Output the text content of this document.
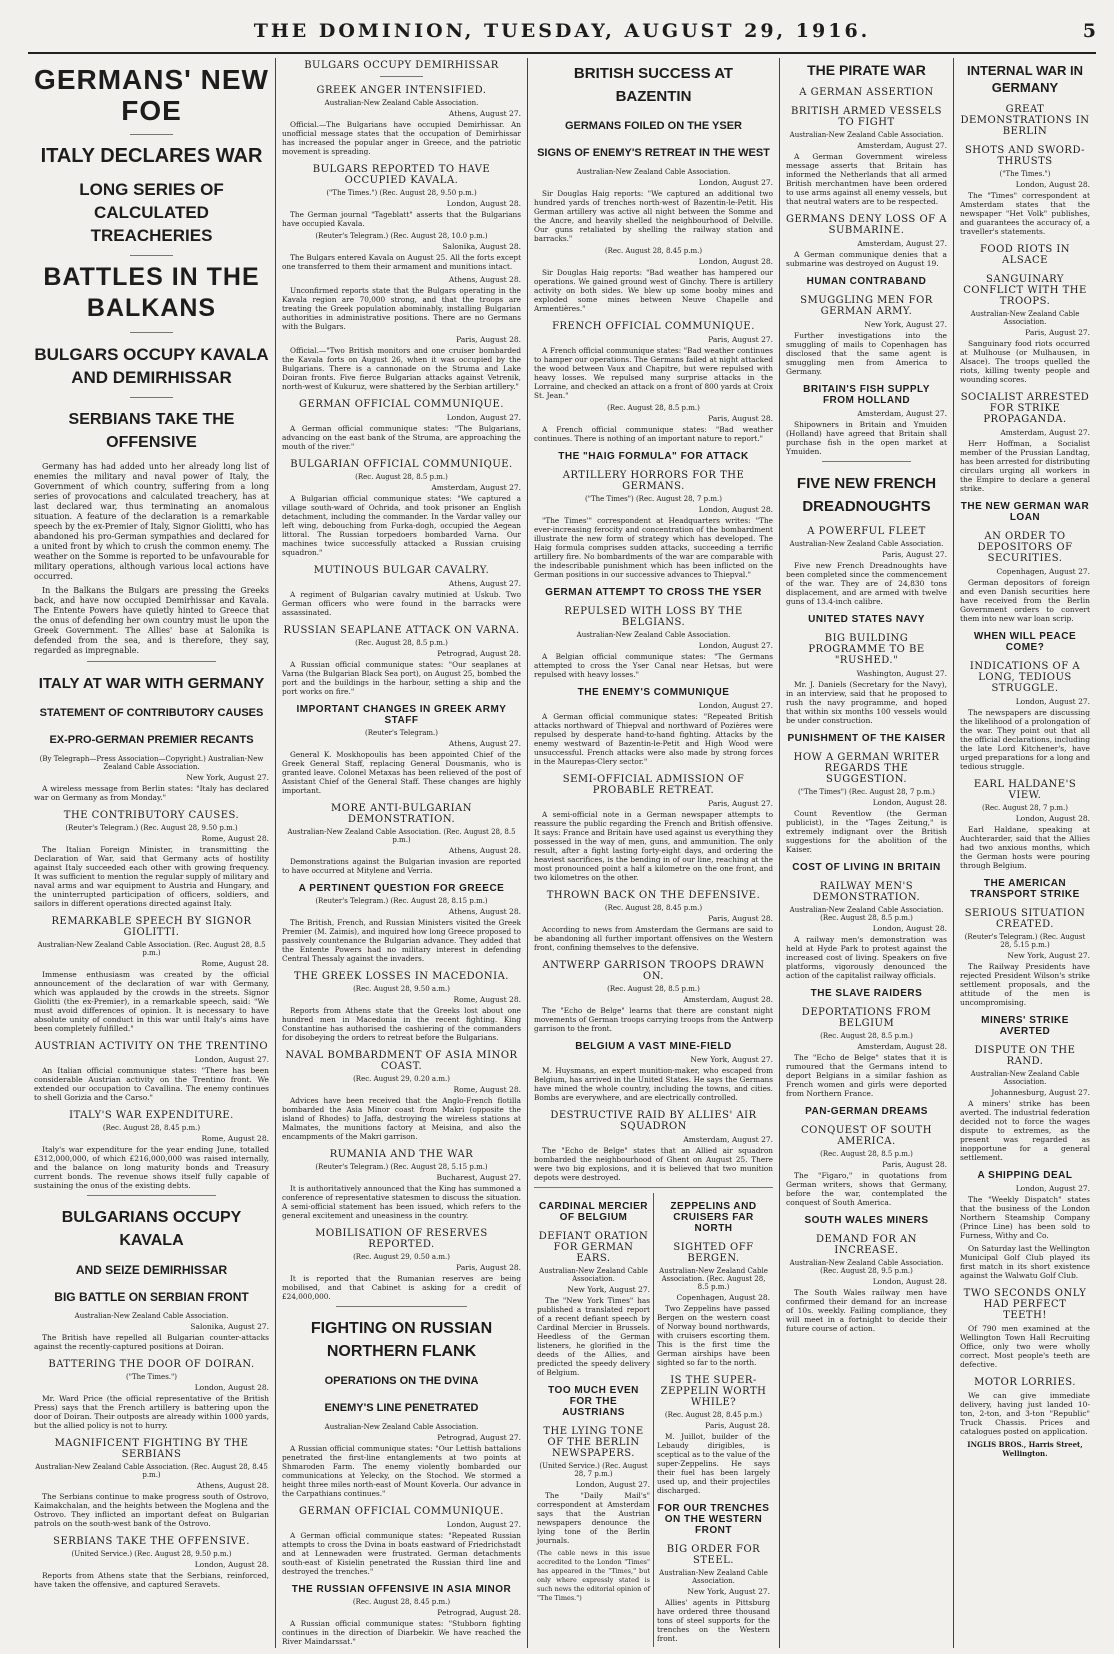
THE DOMINION, TUESDAY, AUGUST 29, 1916.	5
GERMANS' NEW FOE
ITALY DECLARES WAR
LONG SERIES OF CALCULATED TREACHERIES
BATTLES IN THE BALKANS
BULGARS OCCUPY KAVALA AND DEMIRHISSAR
SERBIANS TAKE THE OFFENSIVE

Germany has had added unto her already long list of enemies the military and naval power of Italy, the Government of which country, suffering from a long series of provocations and calculated treachery, has at last declared war, thus terminating an anomalous situation. A feature of the declaration is a remarkable speech by the ex-Premier of Italy, Signor Giolitti, who has abandoned his pro-German sympathies and declared for a united front by which to crush the common enemy. The weather on the Somme is reported to be unfavourable for military operations, although various local actions have occurred.

In the Balkans the Bulgars are pressing the Greeks back, and have now occupied Demirhissar and Kavala. The Entente Powers have quietly hinted to Greece that the onus of defending her own country must lie upon the Greek Government. The Allies' base at Salonika is defended from the sea, and is therefore, they say, regarded as impregnable.

ITALY AT WAR WITH GERMANY
STATEMENT OF CONTRIBUTORY CAUSES
EX-PRO-GERMAN PREMIER RECANTS
(By Telegraph—Press Association—Copyright.) Australian-New Zealand Cable Association.
New York, August 27.

A wireless message from Berlin states: "Italy has declared war on Germany as from Monday."

THE CONTRIBUTORY CAUSES.
(Reuter's Telegram.) (Rec. August 28, 9.50 p.m.)
Rome, August 28.

The Italian Foreign Minister, in transmitting the Declaration of War, said that Germany acts of hostility against Italy succeeded each other with growing frequency. It was sufficient to mention the regular supply of military and naval arms and war equipment to Austria and Hungary, and the uninterrupted participation of officers, soldiers, and sailors in different operations directed against Italy.

REMARKABLE SPEECH BY SIGNOR GIOLITTI.
Australian-New Zealand Cable Association. (Rec. August 28, 8.5 p.m.)
Rome, August 28.

Immense enthusiasm was created by the official announcement of the declaration of war with Germany, which was applauded by the crowds in the streets. Signor Giolitti (the ex-Premier), in a remarkable speech, said: "We must avoid differences of opinion. It is necessary to have absolute unity of conduct in this war until Italy's aims have been completely fulfilled."

AUSTRIAN ACTIVITY ON THE TRENTINO
London, August 27.

An Italian official communique states: "There has been considerable Austrian activity on the Trentino front. We extended our occupation to Cavallina. The enemy continues to shell Gorizia and the Carso."

ITALY'S WAR EXPENDITURE.
(Rec. August 28, 8.45 p.m.)
Rome, August 28.

Italy's war expenditure for the year ending June, totalled £312,000,000, of which £216,000,000 was raised internally, and the balance on long maturity bonds and Treasury current bonds. The revenue shows itself fully capable of sustaining the onus of the existing debts.

BULGARIANS OCCUPY KAVALA
AND SEIZE DEMIRHISSAR
BIG BATTLE ON SERBIAN FRONT
Australian-New Zealand Cable Association.
Salonika, August 27.

The British have repelled all Bulgarian counter-attacks against the recently-captured positions at Doiran.

BATTERING THE DOOR OF DOIRAN.
("The Times.")
London, August 28.

Mr. Ward Price (the official representative of the British Press) says that the French artillery is battering upon the door of Doiran. Their outposts are already within 1000 yards, but the allied policy is not to hurry.

MAGNIFICENT FIGHTING BY THE SERBIANS
Australian-New Zealand Cable Association. (Rec. August 28, 8.45 p.m.)
Athens, August 28.

The Serbians continue to make progress south of Ostrovo, Kaimakchalan, and the heights between the Moglena and the Ostrovo. They inflicted an important defeat on Bulgarian patrols on the south-west bank of the Ostrovo.

SERBIANS TAKE THE OFFENSIVE.
(United Service.) (Rec. August 28, 9.50 p.m.)
London, August 28.

Reports from Athens state that the Serbians, reinforced, have taken the offensive, and captured Seravets.

BULGARS OCCUPY DEMIRHISSAR
GREEK ANGER INTENSIFIED.
Australian-New Zealand Cable Association.
Athens, August 27.

Official.—The Bulgarians have occupied Demirhissar. An unofficial message states that the occupation of Demirhissar has increased the popular anger in Greece, and the patriotic movement is spreading.

BULGARS REPORTED TO HAVE OCCUPIED KAVALA.
("The Times.") (Rec. August 28, 9.50 p.m.)
London, August 28.

The German journal "Tageblatt" asserts that the Bulgarians have occupied Kavala.

(Reuter's Telegram.) (Rec. August 28, 10.0 p.m.)
Salonika, August 28.

The Bulgars entered Kavala on August 25. All the forts except one transferred to them their armament and munitions intact.

Athens, August 28.

Unconfirmed reports state that the Bulgars operating in the Kavala region are 70,000 strong, and that the troops are treating the Greek population abominably, installing Bulgarian authorities in administrative positions. There are no Germans with the Bulgars.

Paris, August 28.

Official.—"Two British monitors and one cruiser bombarded the Kavala forts on August 26, when it was occupied by the Bulgarians. There is a cannonade on the Struma and Lake Doiran fronts. Five fierce Bulgarian attacks against Vetrenik, north-west of Kukuruz, were shattered by the Serbian artillery."

GERMAN OFFICIAL COMMUNIQUE.
London, August 27.

A German official communique states: "The Bulgarians, advancing on the east bank of the Struma, are approaching the mouth of the river."

BULGARIAN OFFICIAL COMMUNIQUE.
(Rec. August 28, 8.5 p.m.)
Amsterdam, August 27.

A Bulgarian official communique states: "We captured a village south-ward of Ochrida, and took prisoner an English detachment, including the commander. In the Vardar valley our left wing, debouching from Furka-dogh, occupied the Aegean littoral. The Russian torpedoers bombarded Varna. Our machines twice successfully attacked a Russian cruising squadron."

MUTINOUS BULGAR CAVALRY.
Athens, August 27.

A regiment of Bulgarian cavalry mutinied at Uskub. Two German officers who were found in the barracks were assassinated.

RUSSIAN SEAPLANE ATTACK ON VARNA.
(Rec. August 28, 8.5 p.m.)
Petrograd, August 28.

A Russian official communique states: "Our seaplanes at Varna (the Bulgarian Black Sea port), on August 25, bombed the port and the buildings in the harbour, setting a ship and the port works on fire."

IMPORTANT CHANGES IN GREEK ARMY STAFF
(Reuter's Telegram.)
Athens, August 27.

General K. Moskhopoulis has been appointed Chief of the Greek General Staff, replacing General Dousmanis, who is granted leave. Colonel Metaxas has been relieved of the post of Assistant Chief of the General Staff. These changes are highly important.

MORE ANTI-BULGARIAN DEMONSTRATION.
Australian-New Zealand Cable Association. (Rec. August 28, 8.5 p.m.)
Athens, August 28.

Demonstrations against the Bulgarian invasion are reported to have occurred at Mitylene and Verria.

A PERTINENT QUESTION FOR GREECE
(Reuter's Telegram.) (Rec. August 28, 8.15 p.m.)
Athens, August 28.

The British, French, and Russian Ministers visited the Greek Premier (M. Zaimis), and inquired how long Greece proposed to passively countenance the Bulgarian advance. They added that the Entente Powers had no military interest in defending Central Thessaly against the invaders.

THE GREEK LOSSES IN MACEDONIA.
(Rec. August 28, 9.50 a.m.)
Rome, August 28.

Reports from Athens state that the Greeks lost about one hundred men in Macedonia in the recent fighting. King Constantine has authorised the cashiering of the commanders for disobeying the orders to retreat before the Bulgarians.

NAVAL BOMBARDMENT OF ASIA MINOR COAST.
(Rec. August 29, 0.20 a.m.)
Rome, August 28.

Advices have been received that the Anglo-French flotilla bombarded the Asia Minor coast from Makri (opposite the island of Rhodes) to Jaffa, destroying the wireless stations at Malmates, the munitions factory at Meisina, and also the encampments of the Makri garrison.

RUMANIA AND THE WAR
(Reuter's Telegram.) (Rec. August 28, 5.15 p.m.)
Bucharest, August 27.

It is authoritatively announced that the King has summoned a conference of representative statesmen to discuss the situation. A semi-official statement has been issued, which refers to the general excitement and uneasiness in the country.

MOBILISATION OF RESERVES REPORTED.
(Rec. August 29, 0.50 a.m.)
Paris, August 28.

It is reported that the Rumanian reserves are being mobilised, and that Cabinet is asking for a credit of £24,000,000.

FIGHTING ON RUSSIAN NORTHERN FLANK
OPERATIONS ON THE DVINA
ENEMY'S LINE PENETRATED
Australian-New Zealand Cable Association.
Petrograd, August 27.

A Russian official communique states: "Our Lettish battalions penetrated the first-line entanglements at two points at Shmaroden Farm. The enemy violently bombarded our communications at Yelecky, on the Stochod. We stormed a height three miles north-east of Mount Koverla. Our advance in the Carpathians continues."

GERMAN OFFICIAL COMMUNIQUE.
London, August 27.

A German official communique states: "Repeated Russian attempts to cross the Dvina in boats eastward of Friedrichstadt and at Lennewaden were frustrated. German detachments south-east of Kisielin penetrated the Russian third line and destroyed the trenches."

THE RUSSIAN OFFENSIVE IN ASIA MINOR
(Rec. August 28, 8.45 p.m.)
Petrograd, August 28.

A Russian official communique states: "Stubborn fighting continues in the direction of Diarbekir. We have reached the River Maindarssat."

BRITISH SUCCESS AT BAZENTIN
GERMANS FOILED ON THE YSER
SIGNS OF ENEMY'S RETREAT IN THE WEST
Australian-New Zealand Cable Association.
London, August 27.

Sir Douglas Haig reports: "We captured an additional two hundred yards of trenches north-west of Bazentin-le-Petit. His German artillery was active all night between the Somme and the Ancre, and heavily shelled the neighbourhood of Delville. Our guns retaliated by shelling the railway station and barracks."

(Rec. August 28, 8.45 p.m.)
London, August 28.

Sir Douglas Haig reports: "Bad weather has hampered our operations. We gained ground west of Ginchy. There is artillery activity on both sides. We blew up some booby mines and exploded some mines between Neuve Chapelle and Armentières."

FRENCH OFFICIAL COMMUNIQUE.
Paris, August 27.

A French official communique states: "Bad weather continues to hamper our operations. The Germans failed at night attacked the wood between Vaux and Chapitre, but were repulsed with heavy losses. We repulsed many surprise attacks in the Lorraine, and checked an attack on a front of 800 yards at Croix St. Jean."

(Rec. August 28, 8.5 p.m.)
Paris, August 28.

A French official communique states: "Bad weather continues. There is nothing of an important nature to report."

THE "HAIG FORMULA" FOR ATTACK
ARTILLERY HORRORS FOR THE GERMANS.
("The Times") (Rec. August 28, 7 p.m.)
London, August 28.

"The Times'" correspondent at Headquarters writes: "The ever-increasing ferocity and concentration of the bombardment illustrate the new form of strategy which has developed. The Haig formula comprises sudden attacks, succeeding a terrific artillery fire. No bombardments of the war are comparable with the indescribable punishment which has been inflicted on the German positions in our successive advances to Thiepval."

GERMAN ATTEMPT TO CROSS THE YSER
REPULSED WITH LOSS BY THE BELGIANS.
Australian-New Zealand Cable Association.
London, August 27.

A Belgian official communique states: "The Germans attempted to cross the Yser Canal near Hetsas, but were repulsed with heavy losses."

THE ENEMY'S COMMUNIQUE
London, August 27.

A German official communique states: "Repeated British attacks northward of Thiepval and northward of Pozières were repulsed by desperate hand-to-hand fighting. Attacks by the enemy westward of Bazentin-le-Petit and High Wood were unsuccessful. French attacks were also made by strong forces in the Maurepas-Clery sector."

SEMI-OFFICIAL ADMISSION OF PROBABLE RETREAT.
Paris, August 27.

A semi-official note in a German newspaper attempts to reassure the public regarding the French and British offensive. It says: France and Britain have used against us everything they possessed in the way of men, guns, and ammunition. The only result, after a fight lasting forty-eight days, and ordering the heaviest sacrifices, is the bending in of our line, reaching at the most pronounced point a half a kilometre on the one front, and two kilometres on the other.

THROWN BACK ON THE DEFENSIVE.
(Rec. August 28, 8.45 p.m.)
Paris, August 28.

According to news from Amsterdam the Germans are said to be abandoning all further important offensives on the Western front, confining themselves to the defensive.

ANTWERP GARRISON TROOPS DRAWN ON.
(Rec. August 28, 8.5 p.m.)
Amsterdam, August 28.

The "Echo de Belge" learns that there are constant night movements of German troops carrying troops from the Antwerp garrison to the front.

BELGIUM A VAST MINE-FIELD
New York, August 27.

M. Huysmans, an expert munition-maker, who escaped from Belgium, has arrived in the United States. He says the Germans have mined the whole country, including the towns, and cities. Bombs are everywhere, and are electrically controlled.

DESTRUCTIVE RAID BY ALLIES' AIR SQUADRON
Amsterdam, August 27.

The "Echo de Belge" states that an Allied air squadron bombarded the neighbourhood of Ghent on August 25. There were two big explosions, and it is believed that two munition depots were destroyed.

CARDINAL MERCIER OF BELGIUM
DEFIANT ORATION FOR GERMAN EARS.
Australian-New Zealand Cable Association.
New York, August 27.

The "New York Times" has published a translated report of a recent defiant speech by Cardinal Mercier in Brussels. Heedless of the German listeners, he glorified in the deeds of the Allies, and predicted the speedy delivery of Belgium.

TOO MUCH EVEN FOR THE AUSTRIANS
THE LYING TONE OF THE BERLIN NEWSPAPERS.
(United Service.) (Rec. August 28, 7 p.m.)
London, August 27.

The "Daily Mail's" correspondent at Amsterdam says that the Austrian newspapers denounce the lying tone of the Berlin journals.

(The cable news in this issue accredited to the London "Times" has appeared in the "Times," but only where expressly stated is such news the editorial opinion of "The Times.")

ZEPPELINS AND CRUISERS FAR NORTH
SIGHTED OFF BERGEN.
Australian-New Zealand Cable Association. (Rec. August 28, 8.5 p.m.)
Copenhagen, August 28.

Two Zeppelins have passed Bergen on the western coast of Norway bound northwards, with cruisers escorting them. This is the first time the German airships have been sighted so far to the north.

IS THE SUPER-ZEPPELIN WORTH WHILE?
(Rec. August 28, 8.45 p.m.)
Paris, August 28.

M. Juillot, builder of the Lebaudy dirigibles, is sceptical as to the value of the super-Zeppelins. He says their fuel has been largely used up, and their projectiles discharged.

FOR OUR TRENCHES ON THE WESTERN FRONT
BIG ORDER FOR STEEL.
Australian-New Zealand Cable Association.
New York, August 27.

Allies' agents in Pittsburg have ordered three thousand tons of steel supports for the trenches on the Western front.

THE PIRATE WAR
A GERMAN ASSERTION
BRITISH ARMED VESSELS TO FIGHT
Australian-New Zealand Cable Association.
Amsterdam, August 27.

A German Government wireless message asserts that Britain has informed the Netherlands that all armed British merchantmen have been ordered to use arms against all enemy vessels, but that neutral waters are to be respected.

GERMANS DENY LOSS OF A SUBMARINE.
Amsterdam, August 27.

A German communique denies that a submarine was destroyed on August 19.

HUMAN CONTRABAND
SMUGGLING MEN FOR GERMAN ARMY.
New York, August 27.

Further investigations into the smuggling of mails to Copenhagen has disclosed that the same agent is smuggling men from America to Germany.

BRITAIN'S FISH SUPPLY FROM HOLLAND
Amsterdam, August 27.

Shipowners in Britain and Ymuiden (Holland) have agreed that Britain shall purchase fish in the open market at Ymuiden.

FIVE NEW FRENCH DREADNOUGHTS
A POWERFUL FLEET
Australian-New Zealand Cable Association.
Paris, August 27.

Five new French Dreadnoughts have been completed since the commencement of the war. They are of 24,830 tons displacement, and are armed with twelve guns of 13.4-inch calibre.

UNITED STATES NAVY
BIG BUILDING PROGRAMME TO BE "RUSHED."
Washington, August 27.

Mr. J. Daniels (Secretary for the Navy), in an interview, said that he proposed to rush the navy programme, and hoped that within six months 100 vessels would be under construction.

PUNISHMENT OF THE KAISER
HOW A GERMAN WRITER REGARDS THE SUGGESTION.
("The Times") (Rec. August 28, 7 p.m.)
London, August 28.

Count Reventlow (the German publicist), in the "Tages Zeitung," is extremely indignant over the British suggestions for the abolition of the Kaiser.

COST OF LIVING IN BRITAIN
RAILWAY MEN'S DEMONSTRATION.
Australian-New Zealand Cable Association. (Rec. August 28, 8.5 p.m.)
London, August 28.

A railway men's demonstration was held at Hyde Park to protest against the increased cost of living. Speakers on five platforms, vigorously denounced the action of the capitalist railway officials.

THE SLAVE RAIDERS
DEPORTATIONS FROM BELGIUM
(Rec. August 28, 8.5 p.m.)
Amsterdam, August 28.

The "Echo de Belge" states that it is rumoured that the Germans intend to deport Belgians in a similar fashion as French women and girls were deported from Northern France.

PAN-GERMAN DREAMS
CONQUEST OF SOUTH AMERICA.
(Rec. August 28, 8.5 p.m.)
Paris, August 28.

The "Figaro," in quotations from German writers, shows that Germany, before the war, contemplated the conquest of South America.

SOUTH WALES MINERS
DEMAND FOR AN INCREASE.
Australian-New Zealand Cable Association. (Rec. August 28, 9.5 p.m.)
London, August 28.

The South Wales railway men have confirmed their demand for an increase of 10s. weekly. Failing compliance, they will meet in a fortnight to decide their future course of action.

INTERNAL WAR IN GERMANY
GREAT DEMONSTRATIONS IN BERLIN
SHOTS AND SWORD-THRUSTS
("The Times.")
London, August 28.

The "Times" correspondent at Amsterdam states that the newspaper "Het Volk" publishes, and guarantees the accuracy of, a traveller's statements.

FOOD RIOTS IN ALSACE
SANGUINARY CONFLICT WITH THE TROOPS.
Australian-New Zealand Cable Association.
Paris, August 27.

Sanguinary food riots occurred at Mulhouse (or Mulhausen, in Alsace). The troops quelled the riots, killing twenty people and wounding scores.

SOCIALIST ARRESTED FOR STRIKE PROPAGANDA.
Amsterdam, August 27.

Herr Hoffman, a Socialist member of the Prussian Landtag, has been arrested for distributing circulars urging all workers in the Empire to declare a general strike.

THE NEW GERMAN WAR LOAN
AN ORDER TO DEPOSITORS OF SECURITIES.
Copenhagen, August 27.

German depositors of foreign and even Danish securities here have received from the Berlin Government orders to convert them into new war loan scrip.

WHEN WILL PEACE COME?
INDICATIONS OF A LONG, TEDIOUS STRUGGLE.
London, August 27.

The newspapers are discussing the likelihood of a prolongation of the war. They point out that all the official declarations, including the late Lord Kitchener's, have urged preparations for a long and tedious struggle.

EARL HALDANE'S VIEW.
(Rec. August 28, 7 p.m.)
London, August 28.

Earl Haldane, speaking at Auchterarder, said that the Allies had two anxious months, which the German hosts were pouring through Belgium.

THE AMERICAN TRANSPORT STRIKE
SERIOUS SITUATION CREATED.
(Reuter's Telegram.) (Rec. August 28, 5.15 p.m.)
New York, August 27.

The Railway Presidents have rejected President Wilson's strike settlement proposals, and the attitude of the men is uncompromising.

MINERS' STRIKE AVERTED
DISPUTE ON THE RAND.
Australian-New Zealand Cable Association.
Johannesburg, August 27.

A miners' strike has been averted. The industrial federation decided not to force the wages dispute to extremes, as the present was regarded as inopportune for a general settlement.

A SHIPPING DEAL
London, August 27.

The "Weekly Dispatch" states that the business of the London Northern Steamship Company (Prince Line) has been sold to Furness, Withy and Co.

On Saturday last the Wellington Municipal Golf Club played its first match in its short existence against the Walwatu Golf Club.

TWO SECONDS ONLY HAD PERFECT TEETH!

Of 790 men examined at the Wellington Town Hall Recruiting Office, only two were wholly correct. Most people's teeth are defective.

MOTOR LORRIES.

We can give immediate delivery, having just landed 10-ton, 2-ton, and 3-ton "Republic" Truck Chassis. Prices and catalogues posted on application.

INGLIS BROS., Harris Street, Wellington.
